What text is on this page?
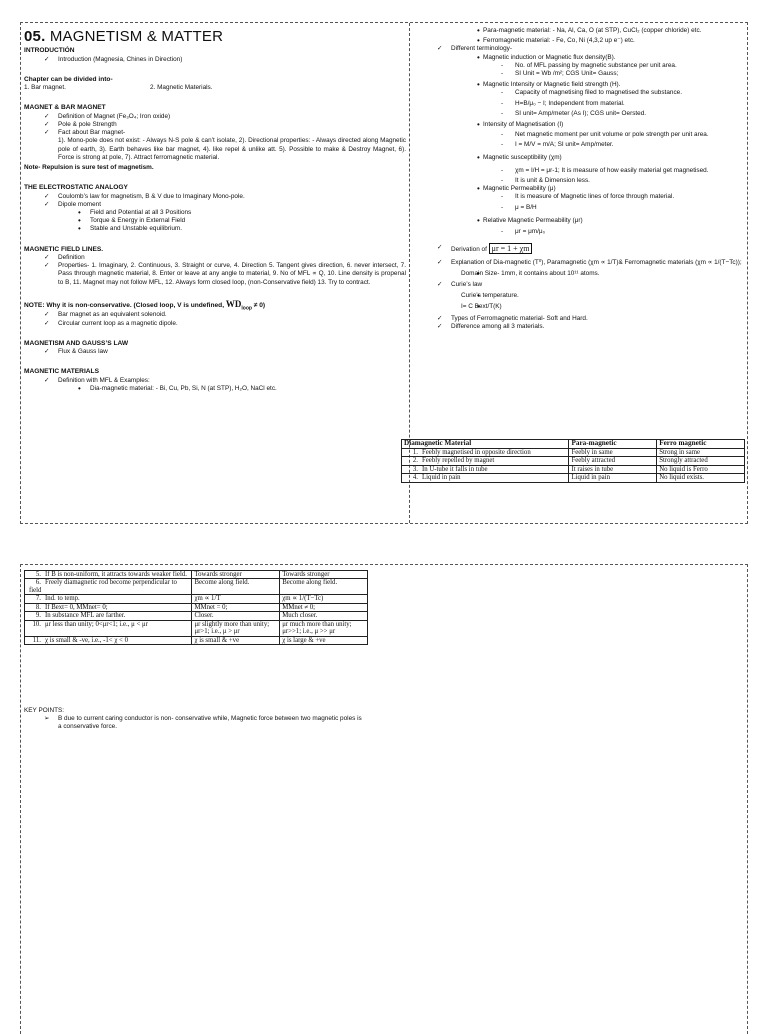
05. MAGNETISM & MATTER
INTRODUCTIÓN
✓ Introduction (Magnesia, Chines in Direction)
Chapter can be divided into-
1. Bar magnet.	2. Magnetic Materials.
MAGNET & BAR MAGNET
✓ Definition of Magnet (Fe₃O₄; Iron oxide)
✓ Pole & pole Strength
✓ Fact about Bar magnet-
1). Mono-pole does not exist: - Always N-S pole & can’t isolate, 2). Directional properties: - Always directed along Magnetic pole of earth, 3). Earth behaves like bar magnet, 4). like repel & unlike att. 5). Possible to make & Destroy Magnet, 6). Force is strong at pole, 7). Attract ferromagnetic material.
Note- Repulsion is sure test of magnetism.
THE ELECTROSTATIC ANALOGY
✓ Coulomb’s law for magnetism, B & V due to Imaginary Mono-pole.
✓ Dipole moment
• Field and Potential at all 3 Positions
• Torque & Energy in External Field
• Stable and Unstable equilibrium.
MAGNETIC FIELD LINES.
✓ Definition
✓ Properties- 1. Imaginary, 2. Continuous, 3. Straight or curve, 4. Direction 5. Tangent gives direction, 6. never intersect, 7. Pass through magnetic material, 8. Enter or leave at any angle to material, 9. No of MFL ∝ Q, 10. Line density is propenal to B, 11. Magnet may not follow MFL, 12. Always form closed loop, (non-Conservative field) 13. Try to contract.
NOTE: Why it is non-conservative. (Closed loop, V is undefined, $WD_{loop} \ne 0$)
✓ Bar magnet as an equivalent solenoid.
✓ Circular current loop as a magnetic dipole.
MAGNETISM AND GAUSS’S LAW
✓ Flux & Gauss law
MAGNETIC MATERIALS
✓ Definition with MFL & Examples:
• Dia-magnetic material: - Bi, Cu, Pb, Si, N (at STP), H₂O, NaCl etc.
• Para-magnetic material: - Na, Al, Ca, O (at STP), CuCl₂ (copper chloride) etc.
• Ferromagnetic material: - Fe, Co, Ni (4,3,2 up e⁻) etc.
✓ Different terminology-
• Magnetic induction or Magnetic flux density(B).
- No. of MFL passing by magnetic substance per unit area.
- SI Unit = Wb /m²; CGS Unit= Gauss;
• Magnetic Intensity or Magnetic field strength (H).
- Capacity of magnetising filed to magnetised the substance.
- H=B/μ₀ − I; Independent from material.
- SI unit= Amp/meter (As I); CGS unit= Oersted.
• Intensity of Magnetisation (I)
- Net magnetic moment per unit volume or pole strength per unit area.
- I = M/V = m/A; SI unit= Amp/meter.
• Magnetic susceptibility (χm)
- χm = I/H = μr-1; It is measure of how easily material get magnetised.
- It is unit & Dimension less.
• Magnetic Permeability (μ)
- It is measure of Magnetic lines of force through material.
- μ = B/H
• Relative Magnetic Permeability (μr)
- μr = μm/μ₀
✓ Derivation of μr = 1 + χm
✓ Explanation of Dia-magnetic (T⁰), Paramagnetic (χm ∝ 1/T)& Ferromagnetic materials (χm ∝ 1/(T−Tc));
• Domain Size- 1mm, it contains about 10¹¹ atoms.
✓ Curie’s law
• Curie’s temperature.
• I= C Bext/T(K)
✓ Types of Ferromagnetic material- Soft and Hard.
✓ Difference among all 3 materials.
Diamagnetic Material	Para-magnetic	Ferro magnetic
1. Feebly magnetised in opposite direction	Feebly in same	Strong in same
2. Feebly repelled by magnet	Feebly attracted	Strongly attracted
3. In U-tube it falls in tube	It raises in tube	No liquid is Ferro
4. Liquid in pain	Liquid in pain	No liquid exists.
5. If B is non-uniform, it attracts towards weaker field.	Towards stronger	Towards stronger
6. Freely diamagnetic rod become perpendicular to field	Become along field.	Become along field.
7. Ind. to temp.	χm ∝ 1/T	χm ∝ 1/(T−Tc)
8. If Bext= 0, MMnet= 0;	MMnet = 0;	MMnet ≠ 0;
9. In substance MFL are farther.	Closer.	Much closer.
10. μr less than unity; 0<μr<1; i.e., μ < μr	μr slightly more than unity; μr>1; i.e., μ > μr	μr much more than unity; μr>>1; i.e., μ >> μr
11. χ is small & -ve, i.e., -1< χ < 0	χ is small & +ve	χ is large & +ve
KEY POINTS:
➢ B due to current caring conductor is non- conservative while, Magnetic force between two magnetic poles is a conservative force.
